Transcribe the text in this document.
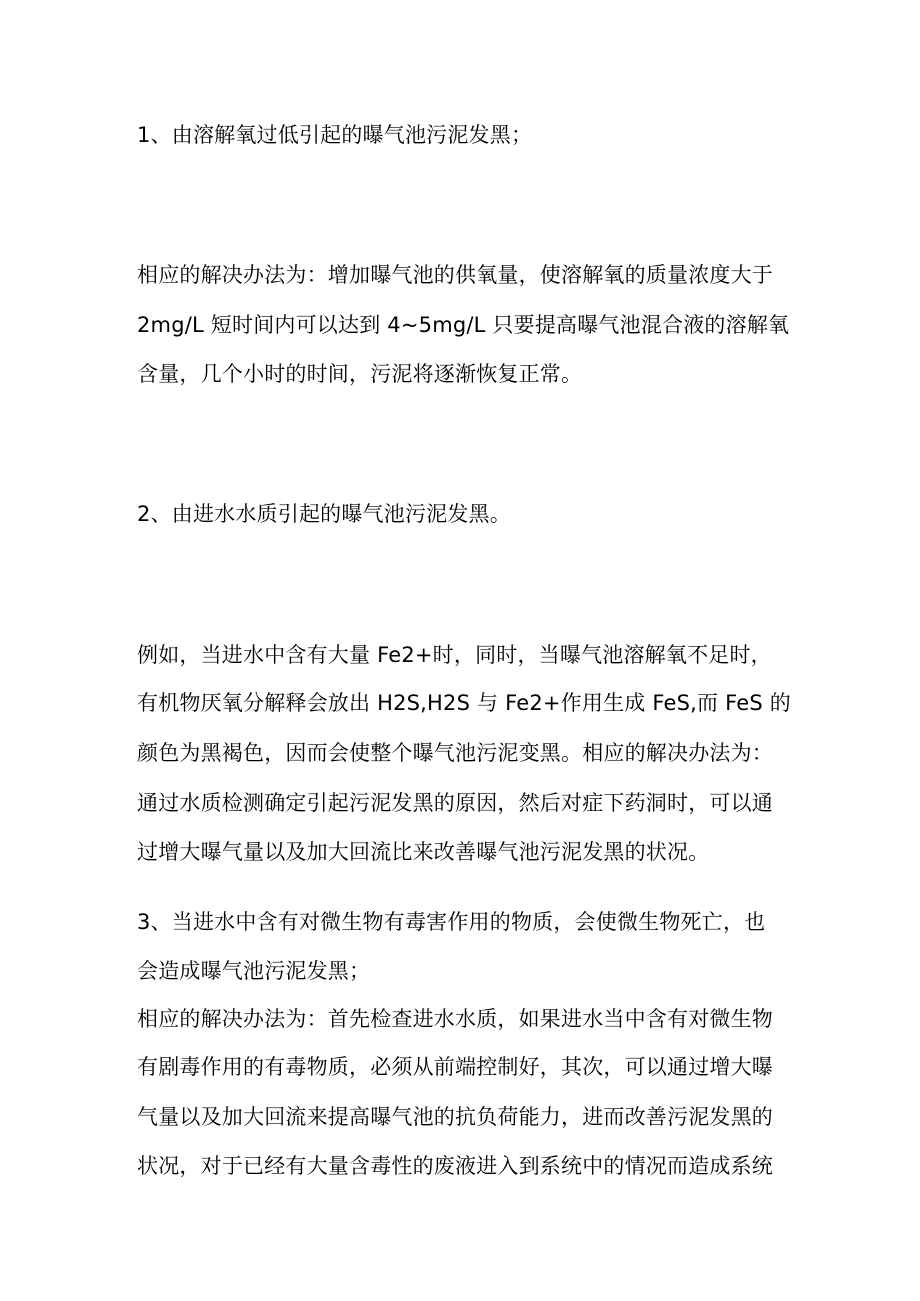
1、由溶解氧过低引起的曝气池污泥发黑；
相应的解决办法为：增加曝气池的供氧量，使溶解氧的质量浓度大于
2mg/L 短时间内可以达到 4~5mg/L 只要提高曝气池混合液的溶解氧
含量，几个小时的时间，污泥将逐渐恢复正常。
2、由进水水质引起的曝气池污泥发黑。
例如，当进水中含有大量 Fe2+时，同时，当曝气池溶解氧不足时，
有机物厌氧分解释会放出 H2S,H2S 与 Fe2+作用生成 FeS,而 FeS 的
颜色为黑褐色，因而会使整个曝气池污泥变黑。相应的解决办法为：
通过水质检测确定引起污泥发黑的原因，然后对症下药洞时，可以通
过增大曝气量以及加大回流比来改善曝气池污泥发黑的状况。
3、当进水中含有对微生物有毒害作用的物质，会使微生物死亡，也
会造成曝气池污泥发黑；
相应的解决办法为：首先检查进水水质，如果进水当中含有对微生物
有剧毒作用的有毒物质，必须从前端控制好，其次，可以通过增大曝
气量以及加大回流来提高曝气池的抗负荷能力，进而改善污泥发黑的
状况，对于已经有大量含毒性的废液进入到系统中的情况而造成系统
